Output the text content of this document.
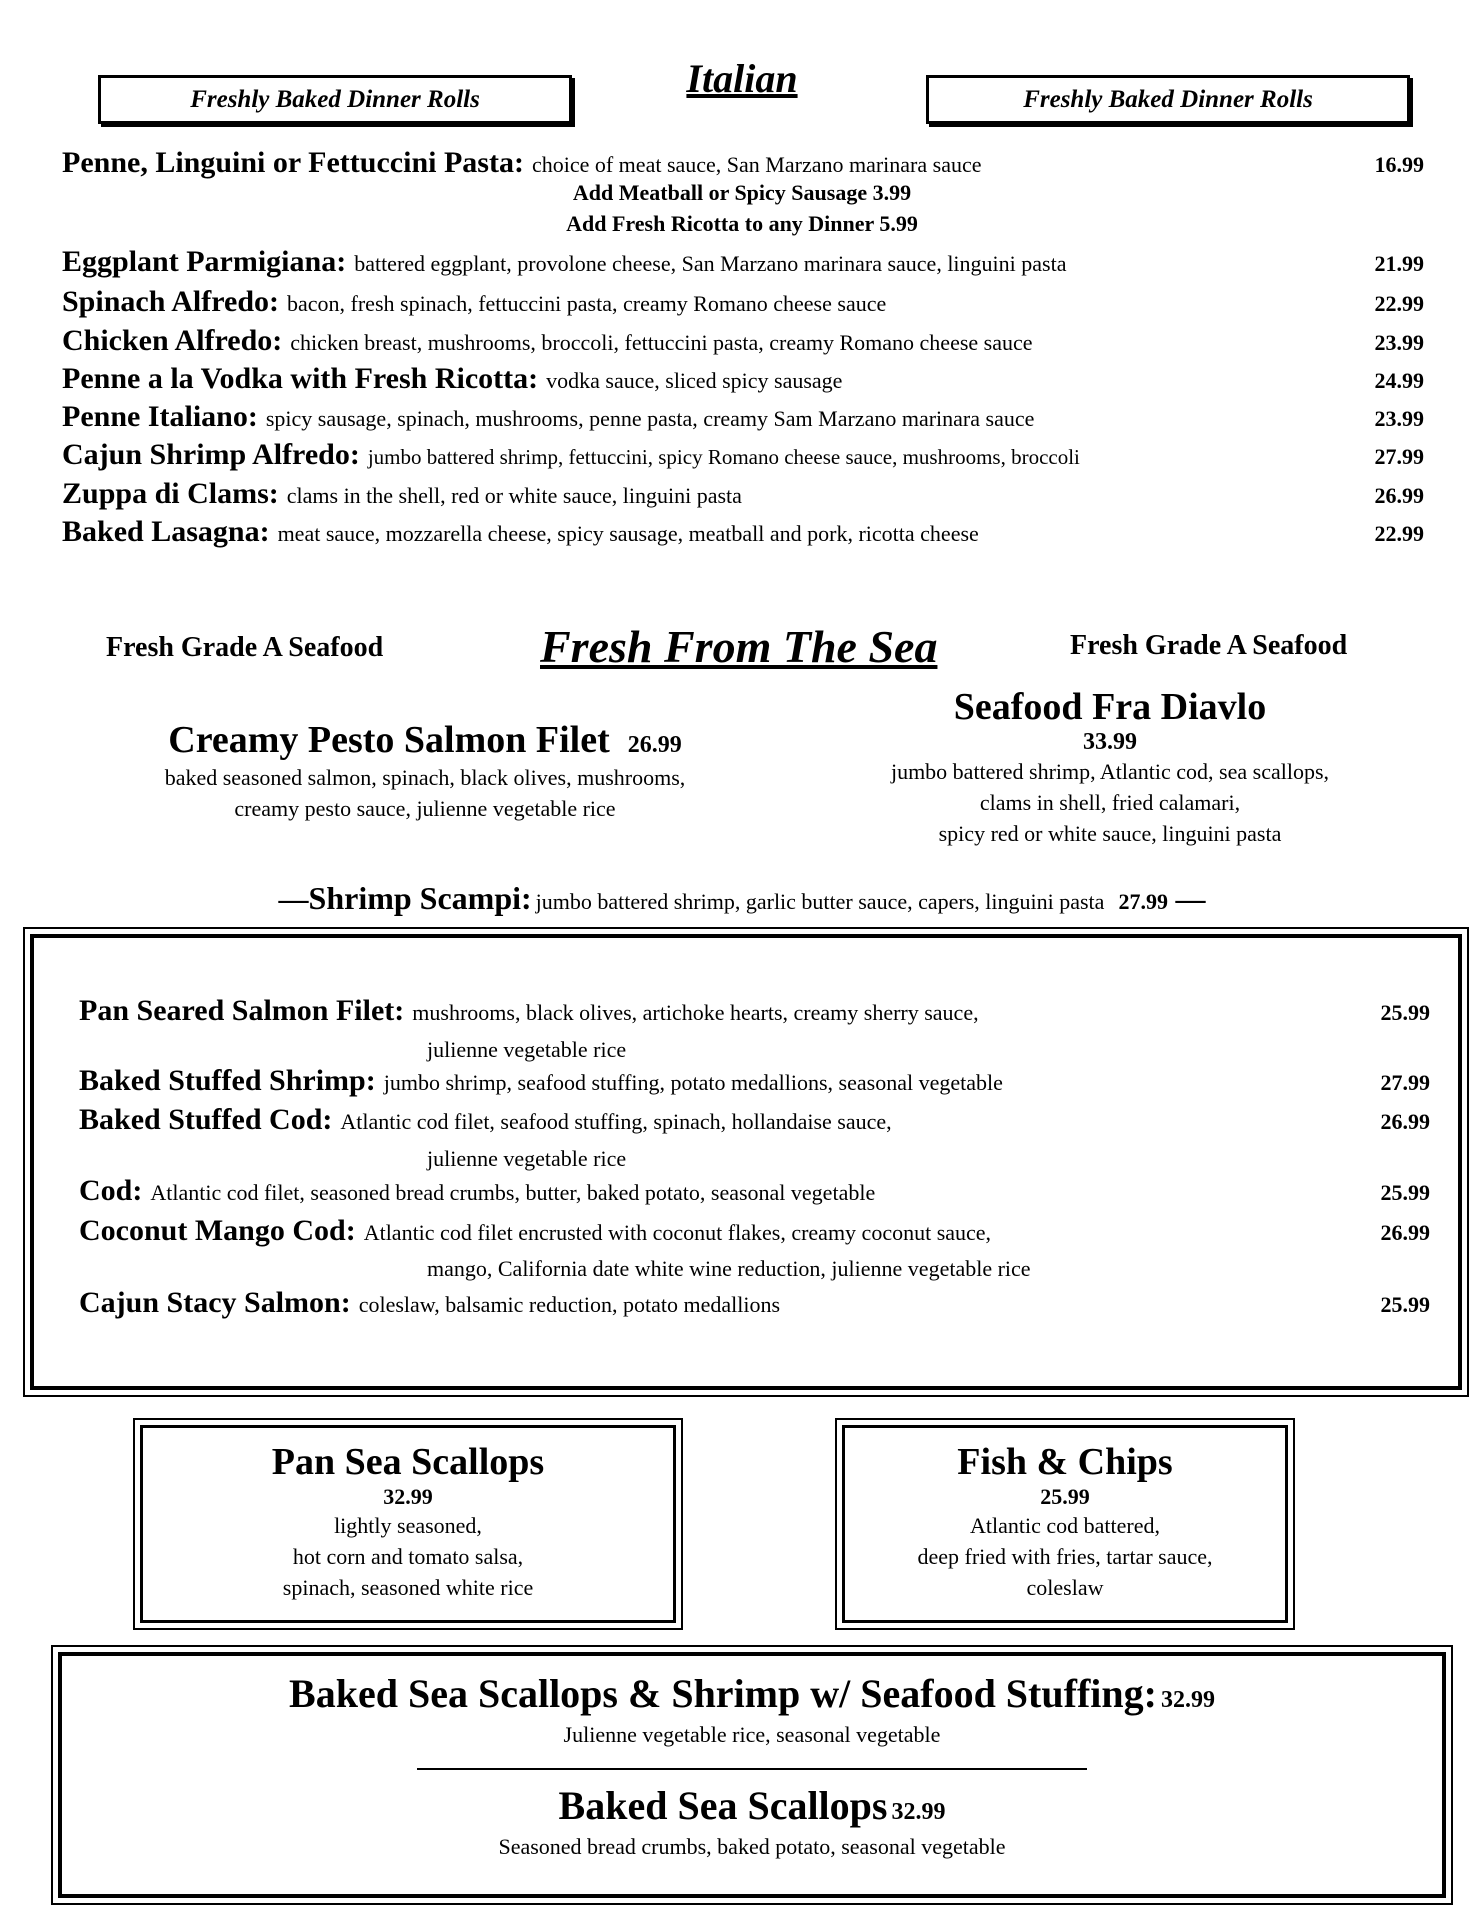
Freshly Baked Dinner Rolls	Italian	Freshly Baked Dinner Rolls
Penne, Linguini or Fettuccini Pasta: choice of meat sauce, San Marzano marinara sauce	16.99
Add Meatball or Spicy Sausage 3.99
Add Fresh Ricotta to any Dinner 5.99
Eggplant Parmigiana: battered eggplant, provolone cheese, San Marzano marinara sauce, linguini pasta	21.99
Spinach Alfredo: bacon, fresh spinach, fettuccini pasta, creamy Romano cheese sauce	22.99
Chicken Alfredo: chicken breast, mushrooms, broccoli, fettuccini pasta, creamy Romano cheese sauce	23.99
Penne a la Vodka with Fresh Ricotta: vodka sauce, sliced spicy sausage	24.99
Penne Italiano: spicy sausage, spinach, mushrooms, penne pasta, creamy Sam Marzano marinara sauce	23.99
Cajun Shrimp Alfredo: jumbo battered shrimp, fettuccini, spicy Romano cheese sauce, mushrooms, broccoli	27.99
Zuppa di Clams: clams in the shell, red or white sauce, linguini pasta	26.99
Baked Lasagna: meat sauce, mozzarella cheese, spicy sausage, meatball and pork, ricotta cheese	22.99
Fresh Grade A Seafood	Fresh From The Sea	Fresh Grade A Seafood
Creamy Pesto Salmon Filet 26.99
baked seasoned salmon, spinach, black olives, mushrooms,
creamy pesto sauce, julienne vegetable rice
Seafood Fra Diavlo
33.99
jumbo battered shrimp, Atlantic cod, sea scallops,
clams in shell, fried calamari,
spicy red or white sauce, linguini pasta
—Shrimp Scampi: jumbo battered shrimp, garlic butter sauce, capers, linguini pasta 27.99 —
Pan Seared Salmon Filet: mushrooms, black olives, artichoke hearts, creamy sherry sauce,	25.99
julienne vegetable rice
Baked Stuffed Shrimp: jumbo shrimp, seafood stuffing, potato medallions, seasonal vegetable	27.99
Baked Stuffed Cod: Atlantic cod filet, seafood stuffing, spinach, hollandaise sauce,	26.99
julienne vegetable rice
Cod: Atlantic cod filet, seasoned bread crumbs, butter, baked potato, seasonal vegetable	25.99
Coconut Mango Cod: Atlantic cod filet encrusted with coconut flakes, creamy coconut sauce,	26.99
mango, California date white wine reduction, julienne vegetable rice
Cajun Stacy Salmon: coleslaw, balsamic reduction, potato medallions	25.99
Pan Sea Scallops
32.99
lightly seasoned,
hot corn and tomato salsa,
spinach, seasoned white rice
Fish & Chips
25.99
Atlantic cod battered,
deep fried with fries, tartar sauce,
coleslaw
Baked Sea Scallops & Shrimp w/ Seafood Stuffing: 32.99
Julienne vegetable rice, seasonal vegetable
Baked Sea Scallops 32.99
Seasoned bread crumbs, baked potato, seasonal vegetable
